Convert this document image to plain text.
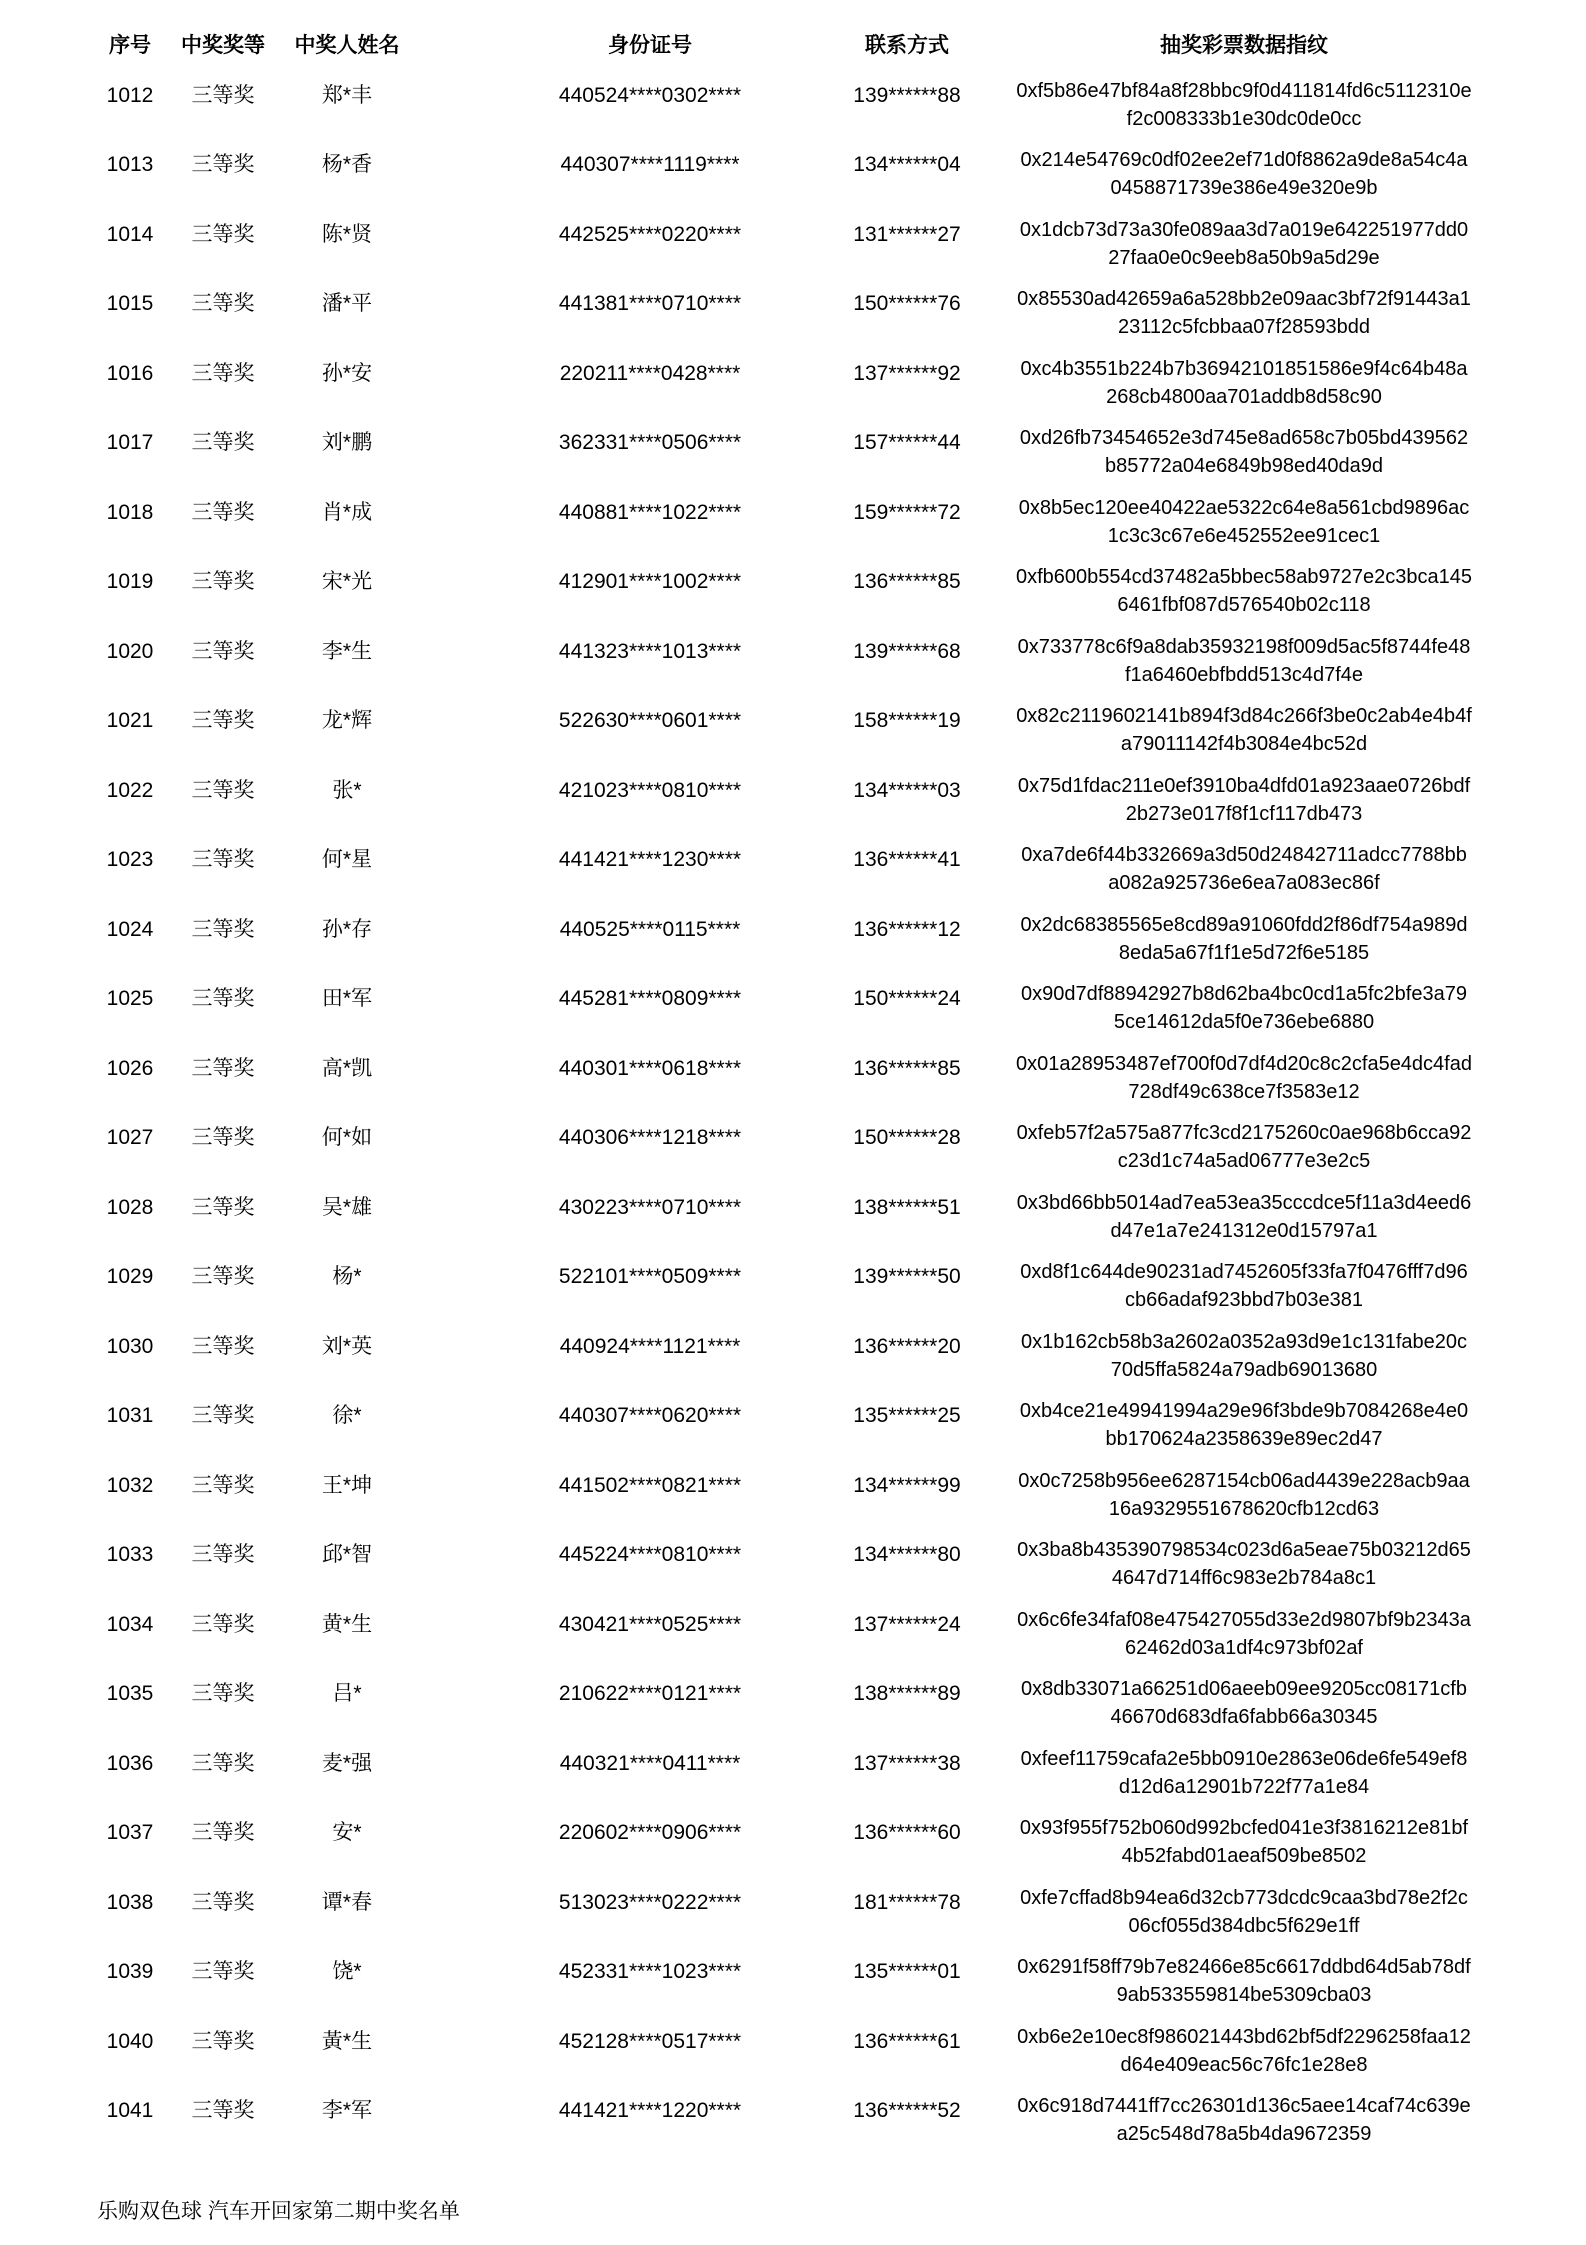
序号	中奖奖等	中奖人姓名	身份证号	联系方式	抽奖彩票数据指纹
1012	三等奖	郑*丰	440524****0302****	139******88	0xf5b86e47bf84a8f28bbc9f0d411814fd6c5112310ef2c008333b1e30dc0de0cc
1013	三等奖	杨*香	440307****1119****	134******04	0x214e54769c0df02ee2ef71d0f8862a9de8a54c4a0458871739e386e49e320e9b
1014	三等奖	陈*贤	442525****0220****	131******27	0x1dcb73d73a30fe089aa3d7a019e642251977dd027faa0e0c9eeb8a50b9a5d29e
1015	三等奖	潘*平	441381****0710****	150******76	0x85530ad42659a6a528bb2e09aac3bf72f91443a123112c5fcbbaa07f28593bdd
1016	三等奖	孙*安	220211****0428****	137******92	0xc4b3551b224b7b36942101851586e9f4c64b48a268cb4800aa701addb8d58c90
1017	三等奖	刘*鹏	362331****0506****	157******44	0xd26fb73454652e3d745e8ad658c7b05bd439562b85772a04e6849b98ed40da9d
1018	三等奖	肖*成	440881****1022****	159******72	0x8b5ec120ee40422ae5322c64e8a561cbd9896ac1c3c3c67e6e452552ee91cec1
1019	三等奖	宋*光	412901****1002****	136******85	0xfb600b554cd37482a5bbec58ab9727e2c3bca1456461fbf087d576540b02c118
1020	三等奖	李*生	441323****1013****	139******68	0x733778c6f9a8dab35932198f009d5ac5f8744fe48f1a6460ebfbdd513c4d7f4e
1021	三等奖	龙*辉	522630****0601****	158******19	0x82c2119602141b894f3d84c266f3be0c2ab4e4b4fa79011142f4b3084e4bc52d
1022	三等奖	张*	421023****0810****	134******03	0x75d1fdac211e0ef3910ba4dfd01a923aae0726bdf2b273e017f8f1cf117db473
1023	三等奖	何*星	441421****1230****	136******41	0xa7de6f44b332669a3d50d24842711adcc7788bba082a925736e6ea7a083ec86f
1024	三等奖	孙*存	440525****0115****	136******12	0x2dc68385565e8cd89a91060fdd2f86df754a989d8eda5a67f1f1e5d72f6e5185
1025	三等奖	田*军	445281****0809****	150******24	0x90d7df88942927b8d62ba4bc0cd1a5fc2bfe3a795ce14612da5f0e736ebe6880
1026	三等奖	高*凯	440301****0618****	136******85	0x01a28953487ef700f0d7df4d20c8c2cfa5e4dc4fad728df49c638ce7f3583e12
1027	三等奖	何*如	440306****1218****	150******28	0xfeb57f2a575a877fc3cd2175260c0ae968b6cca92c23d1c74a5ad06777e3e2c5
1028	三等奖	吴*雄	430223****0710****	138******51	0x3bd66bb5014ad7ea53ea35cccdce5f11a3d4eed6d47e1a7e241312e0d15797a1
1029	三等奖	杨*	522101****0509****	139******50	0xd8f1c644de90231ad7452605f33fa7f0476fff7d96cb66adaf923bbd7b03e381
1030	三等奖	刘*英	440924****1121****	136******20	0x1b162cb58b3a2602a0352a93d9e1c131fabe20c70d5ffa5824a79adb69013680
1031	三等奖	徐*	440307****0620****	135******25	0xb4ce21e49941994a29e96f3bde9b7084268e4e0bb170624a2358639e89ec2d47
1032	三等奖	王*坤	441502****0821****	134******99	0x0c7258b956ee6287154cb06ad4439e228acb9aa16a9329551678620cfb12cd63
1033	三等奖	邱*智	445224****0810****	134******80	0x3ba8b435390798534c023d6a5eae75b03212d654647d714ff6c983e2b784a8c1
1034	三等奖	黄*生	430421****0525****	137******24	0x6c6fe34faf08e475427055d33e2d9807bf9b2343a62462d03a1df4c973bf02af
1035	三等奖	吕*	210622****0121****	138******89	0x8db33071a66251d06aeeb09ee9205cc08171cfb46670d683dfa6fabb66a30345
1036	三等奖	麦*强	440321****0411****	137******38	0xfeef11759cafa2e5bb0910e2863e06de6fe549ef8d12d6a12901b722f77a1e84
1037	三等奖	安*	220602****0906****	136******60	0x93f955f752b060d992bcfed041e3f3816212e81bf4b52fabd01aeaf509be8502
1038	三等奖	谭*春	513023****0222****	181******78	0xfe7cffad8b94ea6d32cb773dcdc9caa3bd78e2f2c06cf055d384dbc5f629e1ff
1039	三等奖	饶*	452331****1023****	135******01	0x6291f58ff79b7e82466e85c6617ddbd64d5ab78df9ab533559814be5309cba03
1040	三等奖	黃*生	452128****0517****	136******61	0xb6e2e10ec8f986021443bd62bf5df2296258faa12d64e409eac56c76fc1e28e8
1041	三等奖	李*军	441421****1220****	136******52	0x6c918d7441ff7cc26301d136c5aee14caf74c639ea25c548d78a5b4da9672359
乐购双色球 汽车开回家第二期中奖名单
